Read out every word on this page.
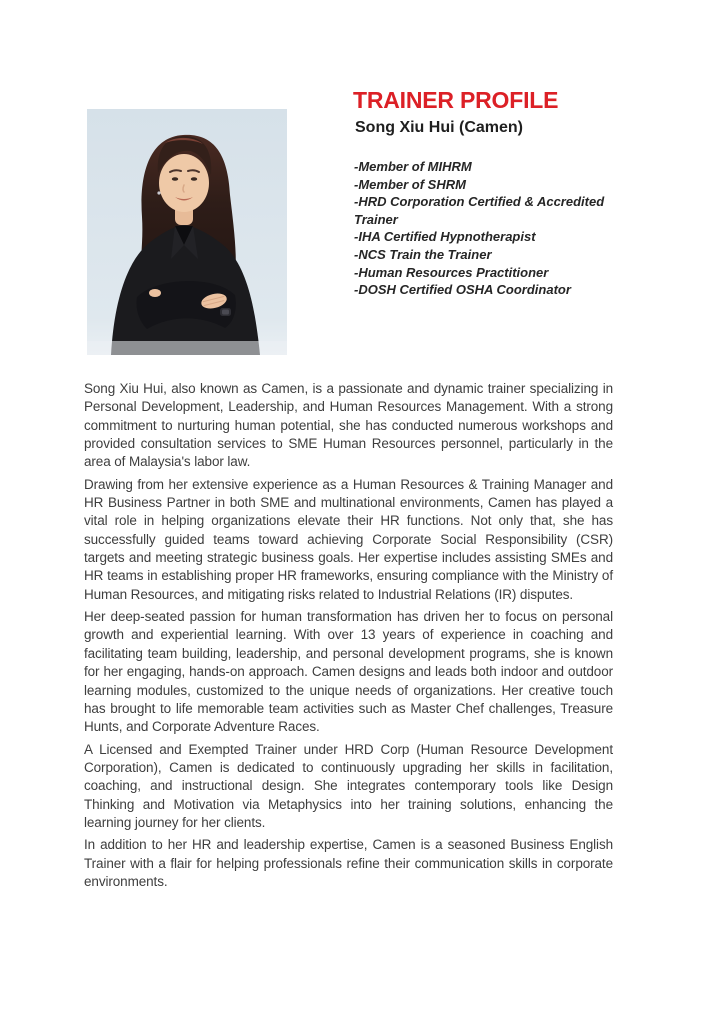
TRAINER PROFILE
Song Xiu Hui (Camen)
-Member of MIHRM
-Member of SHRM
-HRD Corporation Certified & Accredited Trainer
-IHA Certified Hypnotherapist
-NCS Train the Trainer
-Human Resources Practitioner
-DOSH Certified OSHA Coordinator

Song Xiu Hui, also known as Camen, is a passionate and dynamic trainer specializing in Personal Development, Leadership, and Human Resources Management. With a strong commitment to nurturing human potential, she has conducted numerous workshops and provided consultation services to SME Human Resources personnel, particularly in the area of Malaysia's labor law.

Drawing from her extensive experience as a Human Resources & Training Manager and HR Business Partner in both SME and multinational environments, Camen has played a vital role in helping organizations elevate their HR functions. Not only that, she has successfully guided teams toward achieving Corporate Social Responsibility (CSR) targets and meeting strategic business goals. Her expertise includes assisting SMEs and HR teams in establishing proper HR frameworks, ensuring compliance with the Ministry of Human Resources, and mitigating risks related to Industrial Relations (IR) disputes.

Her deep-seated passion for human transformation has driven her to focus on personal growth and experiential learning. With over 13 years of experience in coaching and facilitating team building, leadership, and personal development programs, she is known for her engaging, hands-on approach. Camen designs and leads both indoor and outdoor learning modules, customized to the unique needs of organizations. Her creative touch has brought to life memorable team activities such as Master Chef challenges, Treasure Hunts, and Corporate Adventure Races.

A Licensed and Exempted Trainer under HRD Corp (Human Resource Development Corporation), Camen is dedicated to continuously upgrading her skills in facilitation, coaching, and instructional design. She integrates contemporary tools like Design Thinking and Motivation via Metaphysics into her training solutions, enhancing the learning journey for her clients.

In addition to her HR and leadership expertise, Camen is a seasoned Business English Trainer with a flair for helping professionals refine their communication skills in corporate environments.
